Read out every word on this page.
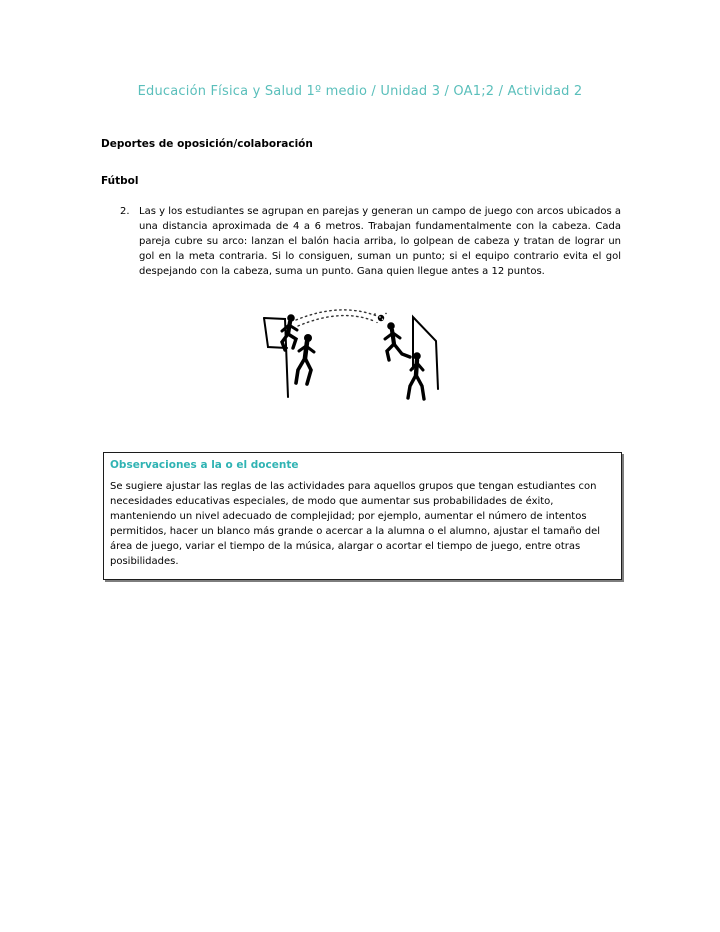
Educación Física y Salud 1º medio / Unidad 3 / OA1;2 / Actividad 2
Deportes de oposición/colaboración
Fútbol
2. Las y los estudiantes se agrupan en parejas y generan un campo de juego con arcos ubicados a una distancia aproximada de 4 a 6 metros. Trabajan fundamentalmente con la cabeza. Cada pareja cubre su arco: lanzan el balón hacia arriba, lo golpean de cabeza y tratan de lograr un gol en la meta contraria. Si lo consiguen, suman un punto; si el equipo contrario evita el gol despejando con la cabeza, suma un punto. Gana quien llegue antes a 12 puntos.

Observaciones a la o el docente

Se sugiere ajustar las reglas de las actividades para aquellos grupos que tengan estudiantes con necesidades educativas especiales, de modo que aumentar sus probabilidades de éxito, manteniendo un nivel adecuado de complejidad; por ejemplo, aumentar el número de intentos permitidos, hacer un blanco más grande o acercar a la alumna o el alumno, ajustar el tamaño del área de juego, variar el tiempo de la música, alargar o acortar el tiempo de juego, entre otras posibilidades.
